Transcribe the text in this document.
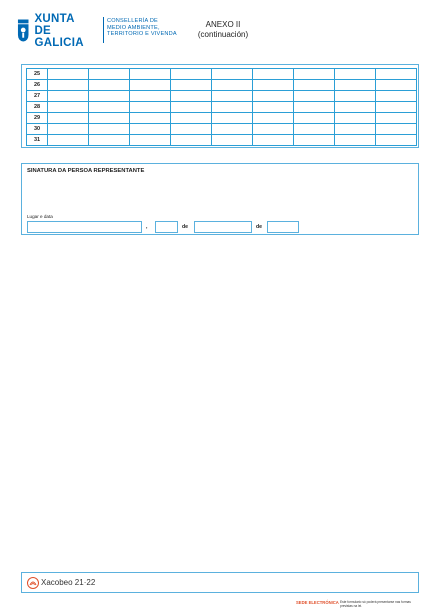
XUNTA
DE GALICIA
CONSELLERÍA DE
MEDIO AMBIENTE,
TERRITORIO E VIVENDA
ANEXO II
(continuación)
25									
26									
27									
28									
29									
30									
31									
SINATURA DA PERSOA REPRESENTANTE
Lugar e data
,	de	de
Xacobeo 21·22
SEDE ELECTRÓNICA Este formulario só poderá presentarse nas formas previstas na lei.
